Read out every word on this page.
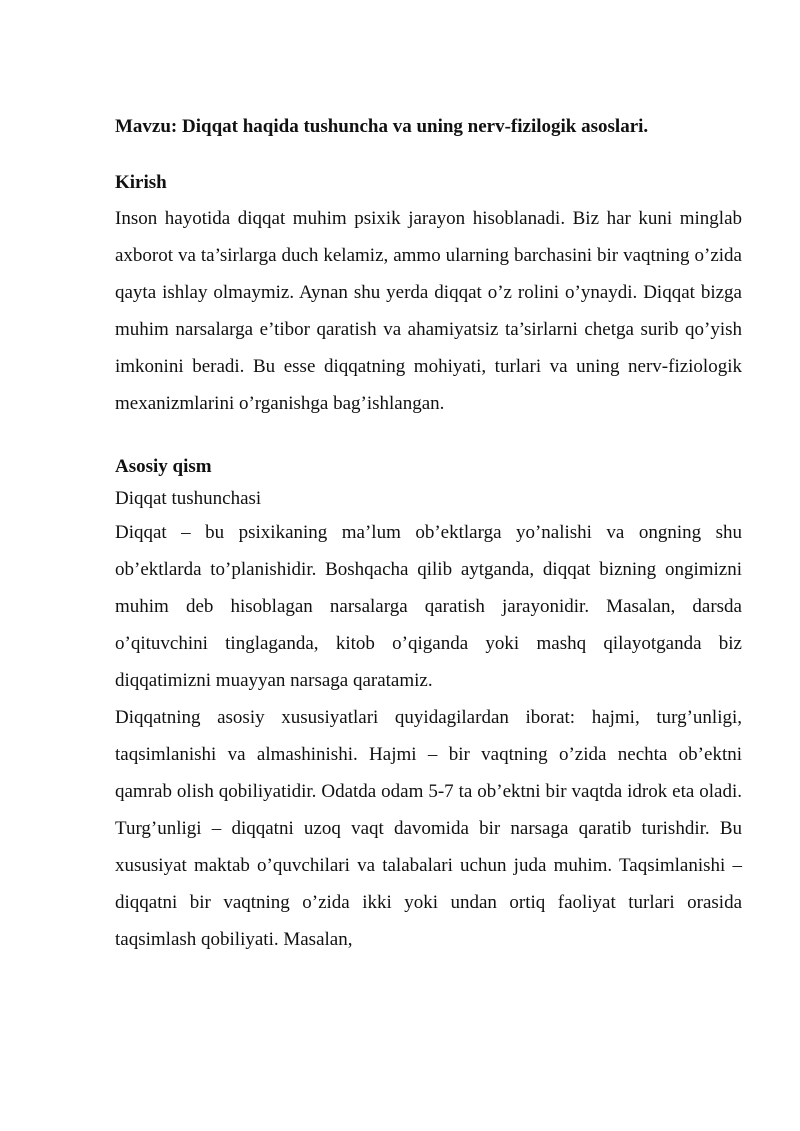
Mavzu: Diqqat haqida tushuncha va uning nerv-fizilogik asoslari.
Kirish

Inson hayotida diqqat muhim psixik jarayon hisoblanadi. Biz har kuni minglab axborot va ta’sirlarga duch kelamiz, ammo ularning barchasini bir vaqtning o’zida qayta ishlay olmaymiz. Aynan shu yerda diqqat o’z rolini o’ynaydi. Diqqat bizga muhim narsalarga e’tibor qaratish va ahamiyatsiz ta’sirlarni chetga surib qo’yish imkonini beradi. Bu esse diqqatning mohiyati, turlari va uning nerv-fiziologik mexanizmlarini o’rganishga bag’ishlangan.

Asosiy qism
Diqqat tushunchasi

Diqqat – bu psixikaning ma’lum ob’ektlarga yo’nalishi va ongning shu ob’ektlarda to’planishidir. Boshqacha qilib aytganda, diqqat bizning ongimizni muhim deb hisoblagan narsalarga qaratish jarayonidir. Masalan, darsda o’qituvchini tinglaganda, kitob o’qiganda yoki mashq qilayotganda biz diqqatimizni muayyan narsaga qaratamiz.

Diqqatning asosiy xususiyatlari quyidagilardan iborat: hajmi, turg’unligi, taqsimlanishi va almashinishi. Hajmi – bir vaqtning o’zida nechta ob’ektni qamrab olish qobiliyatidir. Odatda odam 5-7 ta ob’ektni bir vaqtda idrok eta oladi. Turg’unligi – diqqatni uzoq vaqt davomida bir narsaga qaratib turishdir. Bu xususiyat maktab o’quvchilari va talabalari uchun juda muhim. Taqsimlanishi – diqqatni bir vaqtning o’zida ikki yoki undan ortiq faoliyat turlari orasida taqsimlash qobiliyati. Masalan,
